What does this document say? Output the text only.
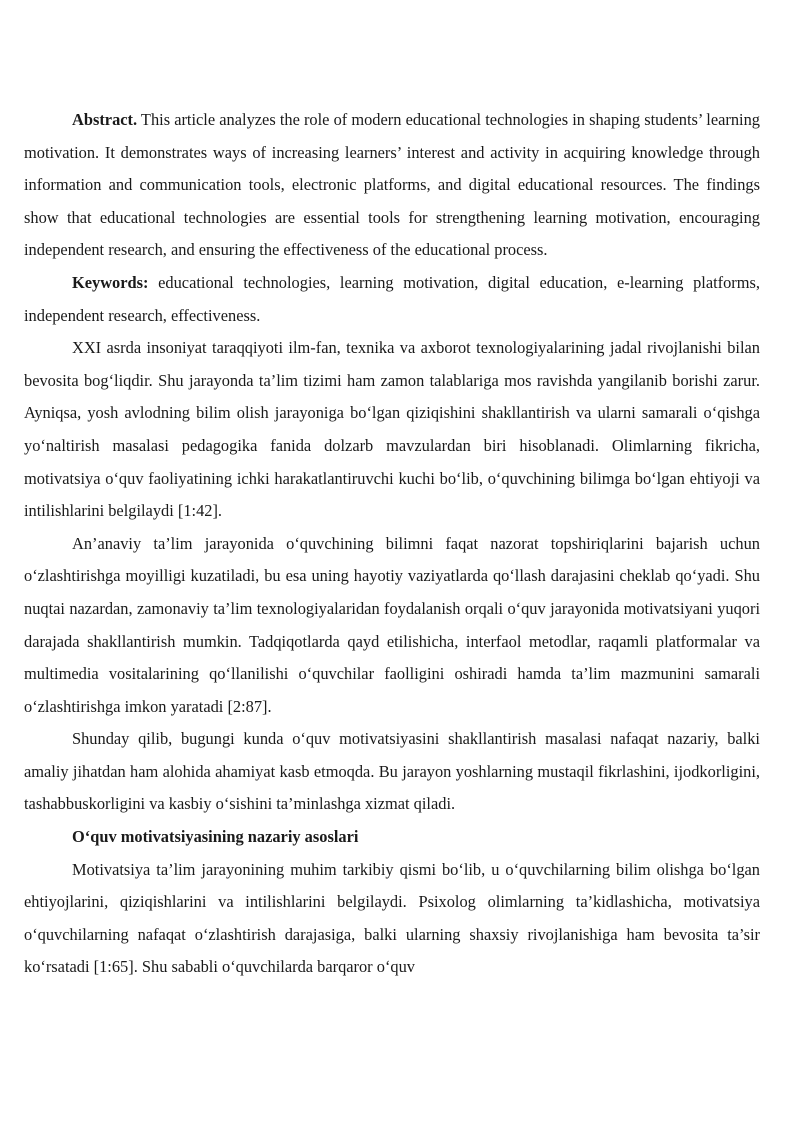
Abstract. This article analyzes the role of modern educational technologies in shaping students’ learning motivation. It demonstrates ways of increasing learners’ interest and activity in acquiring knowledge through information and communication tools, electronic platforms, and digital educational resources. The findings show that educational technologies are essential tools for strengthening learning motivation, encouraging independent research, and ensuring the effectiveness of the educational process.

Keywords: educational technologies, learning motivation, digital education, e-learning platforms, independent research, effectiveness.

XXI asrda insoniyat taraqqiyoti ilm-fan, texnika va axborot texnologiyalarining jadal rivojlanishi bilan bevosita bog‘liqdir. Shu jarayonda ta’lim tizimi ham zamon talablariga mos ravishda yangilanib borishi zarur. Ayniqsa, yosh avlodning bilim olish jarayoniga bo‘lgan qiziqishini shakllantirish va ularni samarali o‘qishga yo‘naltirish masalasi pedagogika fanida dolzarb mavzulardan biri hisoblanadi. Olimlarning fikricha, motivatsiya o‘quv faoliyatining ichki harakatlantiruvchi kuchi bo‘lib, o‘quvchining bilimga bo‘lgan ehtiyoji va intilishlarini belgilaydi [1:42].

An’anaviy ta’lim jarayonida o‘quvchining bilimni faqat nazorat topshiriqlarini bajarish uchun o‘zlashtirishga moyilligi kuzatiladi, bu esa uning hayotiy vaziyatlarda qo‘llash darajasini cheklab qo‘yadi. Shu nuqtai nazardan, zamonaviy ta’lim texnologiyalaridan foydalanish orqali o‘quv jarayonida motivatsiyani yuqori darajada shakllantirish mumkin. Tadqiqotlarda qayd etilishicha, interfaol metodlar, raqamli platformalar va multimedia vositalarining qo‘llanilishi o‘quvchilar faolligini oshiradi hamda ta’lim mazmunini samarali o‘zlashtirishga imkon yaratadi [2:87].

Shunday qilib, bugungi kunda o‘quv motivatsiyasini shakllantirish masalasi nafaqat nazariy, balki amaliy jihatdan ham alohida ahamiyat kasb etmoqda. Bu jarayon yoshlarning mustaqil fikrlashini, ijodkorligini, tashabbuskorligini va kasbiy o‘sishini ta’minlashga xizmat qiladi.

O‘quv motivatsiyasining nazariy asoslari

Motivatsiya ta’lim jarayonining muhim tarkibiy qismi bo‘lib, u o‘quvchilarning bilim olishga bo‘lgan ehtiyojlarini, qiziqishlarini va intilishlarini belgilaydi. Psixolog olimlarning ta’kidlashicha, motivatsiya o‘quvchilarning nafaqat o‘zlashtirish darajasiga, balki ularning shaxsiy rivojlanishiga ham bevosita ta’sir ko‘rsatadi [1:65]. Shu sababli o‘quvchilarda barqaror o‘quv
